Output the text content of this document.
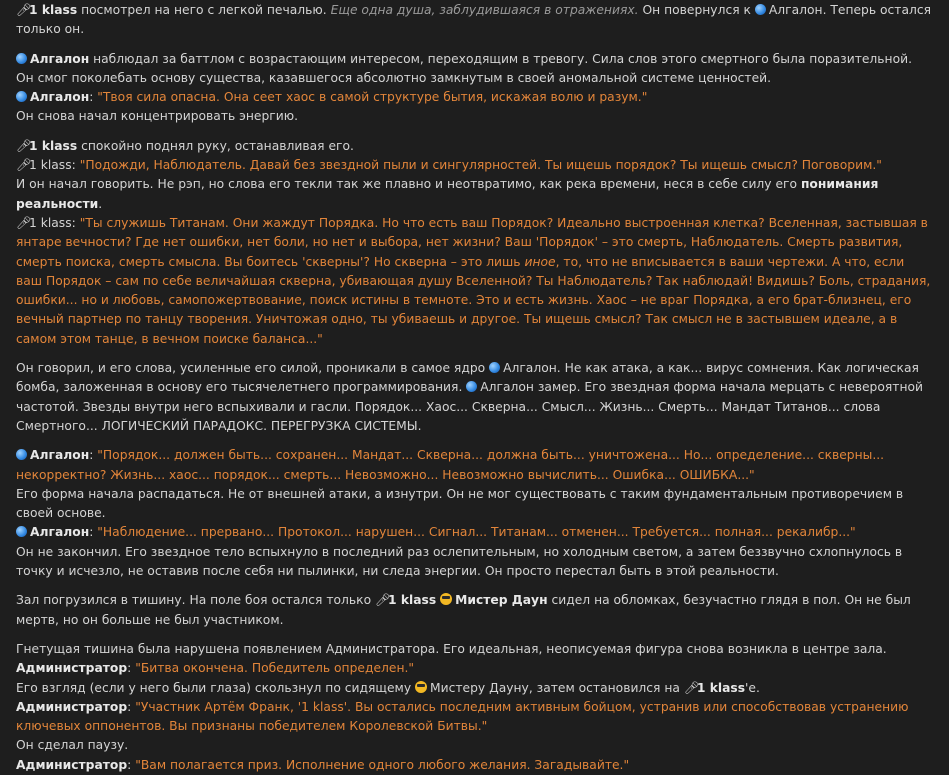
🎤︎1 klass посмотрел на него с легкой печалью. Еще одна душа, заблудившаяся в отражениях. Он повернулся к Алгалон. Теперь остался только он.
Алгалон наблюдал за баттлом с возрастающим интересом, переходящим в тревогу. Сила слов этого смертного была поразительной. Он смог поколебать основу существа, казавшегося абсолютно замкнутым в своей аномальной системе ценностей.
Алгалон: "Твоя сила опасна. Она сеет хаос в самой структуре бытия, искажая волю и разум."
Он снова начал концентрировать энергию.
🎤︎1 klass спокойно поднял руку, останавливая его.
🎤︎1 klass: "Подожди, Наблюдатель. Давай без звездной пыли и сингулярностей. Ты ищешь порядок? Ты ищешь смысл? Поговорим."
И он начал говорить. Не рэп, но слова его текли так же плавно и неотвратимо, как река времени, неся в себе силу его понимания реальности.
🎤︎1 klass: "Ты служишь Титанам. Они жаждут Порядка. Но что есть ваш Порядок? Идеально выстроенная клетка? Вселенная, застывшая в янтаре вечности? Где нет ошибки, нет боли, но нет и выбора, нет жизни? Ваш 'Порядок' – это смерть, Наблюдатель. Смерть развития, смерть поиска, смерть смысла. Вы боитесь 'скверны'? Но скверна – это лишь иное, то, что не вписывается в ваши чертежи. А что, если ваш Порядок – сам по себе величайшая скверна, убивающая душу Вселенной? Ты Наблюдатель? Так наблюдай! Видишь? Боль, страдания, ошибки... но и любовь, самопожертвование, поиск истины в темноте. Это и есть жизнь. Хаос – не враг Порядка, а его брат-близнец, его вечный партнер по танцу творения. Уничтожая одно, ты убиваешь и другое. Ты ищешь смысл? Так смысл не в застывшем идеале, а в самом этом танце, в вечном поиске баланса..."
Он говорил, и его слова, усиленные его силой, проникали в самое ядро Алгалон. Не как атака, а как... вирус сомнения. Как логическая бомба, заложенная в основу его тысячелетнего программирования. Алгалон замер. Его звездная форма начала мерцать с невероятной частотой. Звезды внутри него вспыхивали и гасли. Порядок... Хаос... Скверна... Смысл... Жизнь... Смерть... Мандат Титанов... слова Смертного... ЛОГИЧЕСКИЙ ПАРАДОКС. ПЕРЕГРУЗКА СИСТЕМЫ.
Алгалон: "Порядок... должен быть... сохранен... Мандат... Скверна... должна быть... уничтожена... Но... определение... скверны... некорректно? Жизнь... хаос... порядок... смерть... Невозможно... Невозможно вычислить... Ошибка... ОШИБКА..."
Его форма начала распадаться. Не от внешней атаки, а изнутри. Он не мог существовать с таким фундаментальным противоречием в своей основе.
Алгалон: "Наблюдение... прервано... Протокол... нарушен... Сигнал... Титанам... отменен... Требуется... полная... рекалибр..."
Он не закончил. Его звездное тело вспыхнуло в последний раз ослепительным, но холодным светом, а затем беззвучно схлопнулось в точку и исчезло, не оставив после себя ни пылинки, ни следа энергии. Он просто перестал быть в этой реальности.
Зал погрузился в тишину. На поле боя остался только 🎤︎1 klass Мистер Даун сидел на обломках, безучастно глядя в пол. Он не был мертв, но он больше не был участником.
Гнетущая тишина была нарушена появлением Администратора. Его идеальная, неописуемая фигура снова возникла в центре зала.
Администратор: "Битва окончена. Победитель определен."
Его взгляд (если у него были глаза) скользнул по сидящему Мистеру Дауну, затем остановился на 🎤︎1 klass'е.
Администратор: "Участник Артём Франк, '1 klass'. Вы остались последним активным бойцом, устранив или способствовав устранению ключевых оппонентов. Вы признаны победителем Королевской Битвы."
Он сделал паузу.
Администратор: "Вам полагается приз. Исполнение одного любого желания. Загадывайте."
